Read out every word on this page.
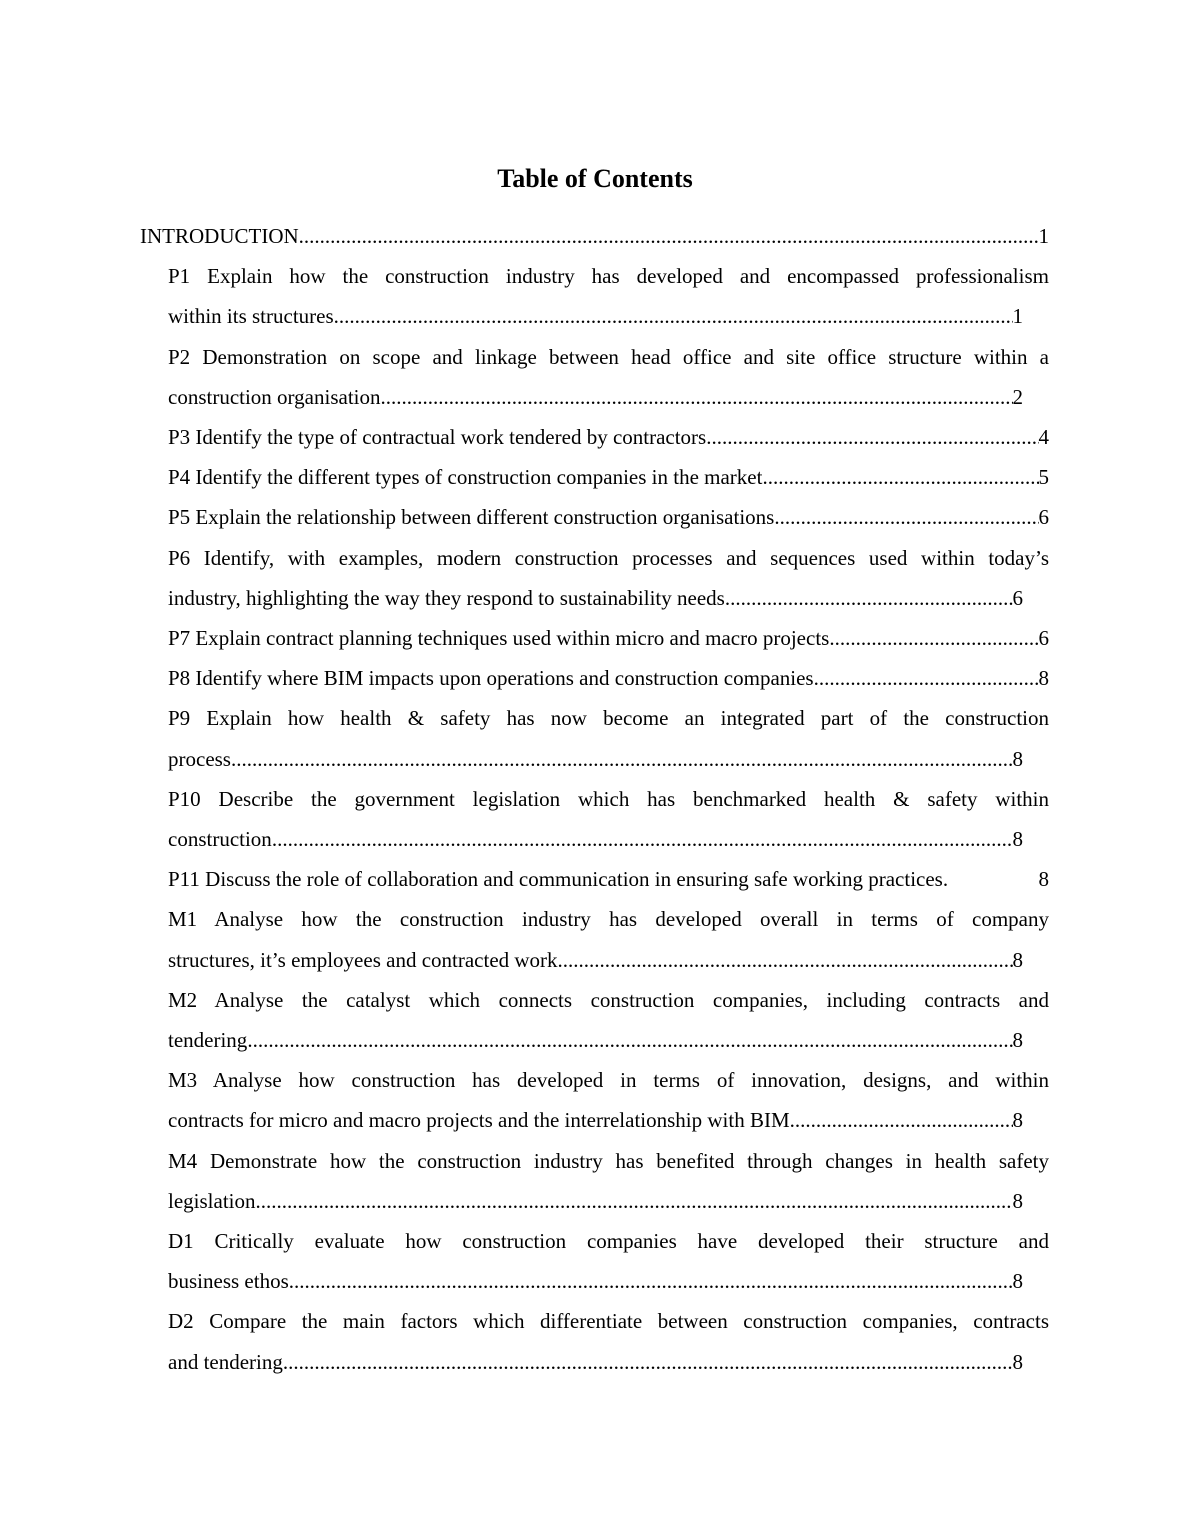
Table of Contents
INTRODUCTION .....	1
P1 Explain how the construction industry has developed and encompassed professionalism
within its structures .....	1
P2 Demonstration on scope and linkage between head office and site office structure within a
construction organisation .....	2
P3 Identify the type of contractual work tendered by contractors .....	4
P4 Identify the different types of construction companies in the market .....	5
P5 Explain the relationship between different construction organisations .....	6
P6 Identify, with examples, modern construction processes and sequences used within today’s
industry, highlighting the way they respond to sustainability needs .....	6
P7 Explain contract planning techniques used within micro and macro projects .....	6
P8 Identify where BIM impacts upon operations and construction companies .....	8
P9 Explain how health & safety has now become an integrated part of the construction
process .....	8
P10 Describe the government legislation which has benchmarked health & safety within
construction .....	8
P11 Discuss the role of collaboration and communication in ensuring safe working practices.	8
M1 Analyse how the construction industry has developed overall in terms of company
structures, it’s employees and contracted work .....	8
M2 Analyse the catalyst which connects construction companies, including contracts and
tendering .....	8
M3 Analyse how construction has developed in terms of innovation, designs, and within
contracts for micro and macro projects and the interrelationship with BIM .....	8
M4 Demonstrate how the construction industry has benefited through changes in health safety
legislation .....	8
D1 Critically evaluate how construction companies have developed their structure and
business ethos .....	8
D2 Compare the main factors which differentiate between construction companies, contracts
and tendering .....	8
